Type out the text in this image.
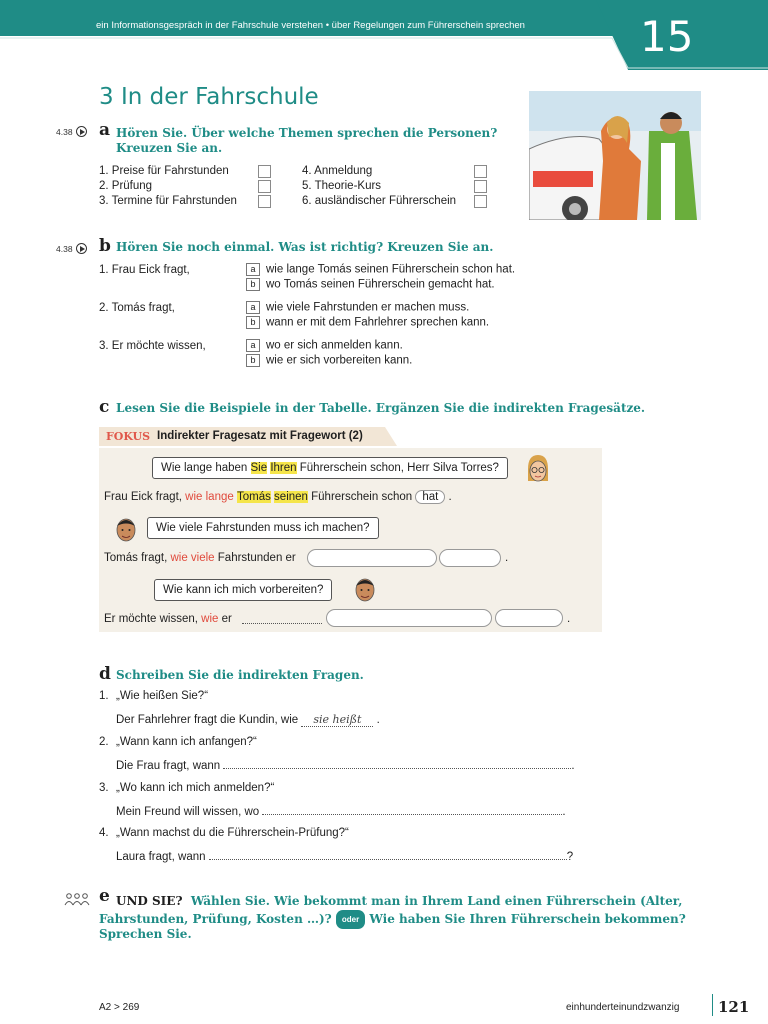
ein Informationsgespräch in der Fahrschule verstehen • über Regelungen zum Führerschein sprechen	15
3 In der Fahrschule
4.38 a Hören Sie. Über welche Themen sprechen die Personen?
Kreuzen Sie an.
1. Preise für Fahrstunden
2. Prüfung
3. Termine für Fahrstunden
4. Anmeldung
5. Theorie-Kurs
6. ausländischer Führerschein
4.38 b Hören Sie noch einmal. Was ist richtig? Kreuzen Sie an.
1. Frau Eick fragt,	a wie lange Tomás seinen Führerschein schon hat.
b wo Tomás seinen Führerschein gemacht hat.
2. Tomás fragt,	a wie viele Fahrstunden er machen muss.
b wann er mit dem Fahrlehrer sprechen kann.
3. Er möchte wissen,	a wo er sich anmelden kann.
b wie er sich vorbereiten kann.
c Lesen Sie die Beispiele in der Tabelle. Ergänzen Sie die indirekten Fragesätze.
FOKUS Indirekter Fragesatz mit Fragewort (2)
Wie lange haben Sie Ihren Führerschein schon, Herr Silva Torres?
Frau Eick fragt, wie lange Tomás seinen Führerschein schon hat .
Wie viele Fahrstunden muss ich machen?
Tomás fragt, wie viele Fahrstunden er	.
Wie kann ich mich vorbereiten?
Er möchte wissen, wie er	.
d Schreiben Sie die indirekten Fragen.
1. „Wie heißen Sie?“
Der Fahrlehrer fragt die Kundin, wie sie heißt .
2. „Wann kann ich anfangen?“
Die Frau fragt, wann	.
3. „Wo kann ich mich anmelden?“
Mein Freund will wissen, wo	.
4. „Wann machst du die Führerschein-Prüfung?“
Laura fragt, wann	?
e UND SIE? Wählen Sie. Wie bekommt man in Ihrem Land einen Führerschein (Alter,
Fahrstunden, Prüfung, Kosten …)? oder Wie haben Sie Ihren Führerschein bekommen?
Sprechen Sie.
A2 > 269	einhunderteinundzwanzig	121
